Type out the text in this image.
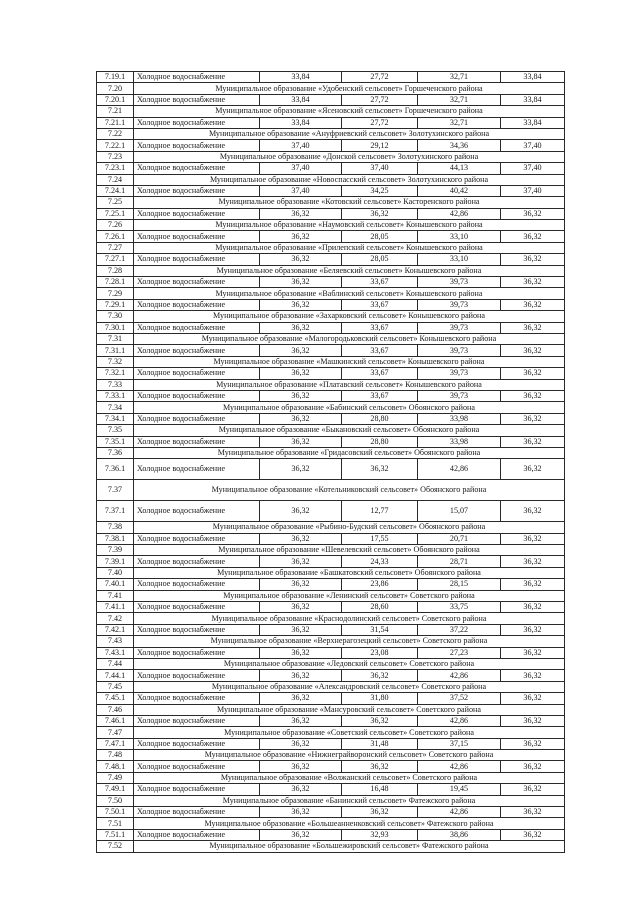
7.19.1	Холодное водоснабжение	33,84	27,72	32,71	33,84
7.20	Муниципальное образование «Удобенский сельсовет» Горшеченского района				
7.20.1	Холодное водоснабжение	33,84	27,72	32,71	33,84
7.21	Муниципальное образование «Ясеновский сельсовет» Горшеченского района				
7.21.1	Холодное водоснабжение	33,84	27,72	32,71	33,84
7.22	Муниципальное образование «Ануфриевский сельсовет» Золотухинского района				
7.22.1	Холодное водоснабжение	37,40	29,12	34,36	37,40
7.23	Муниципальное образование «Донской сельсовет» Золотухинского района				
7.23.1	Холодное водоснабжение	37,40	37,40	44,13	37,40
7.24	Муниципальное образование «Новоспасский сельсовет» Золотухинского района				
7.24.1	Холодное водоснабжение	37,40	34,25	40,42	37,40
7.25	Муниципальное образование «Котовский сельсовет» Касторенского района				
7.25.1	Холодное водоснабжение	36,32	36,32	42,86	36,32
7.26	Муниципальное образование «Наумовский сельсовет» Конышевского района				
7.26.1	Холодное водоснабжение	36,32	28,05	33,10	36,32
7.27	Муниципальное образование «Прилепский сельсовет» Конышевского района				
7.27.1	Холодное водоснабжение	36,32	28,05	33,10	36,32
7.28	Муниципальное образование «Беляевский сельсовет» Конышевского района				
7.28.1	Холодное водоснабжение	36,32	33,67	39,73	36,32
7.29	Муниципальное образование «Ваблинский сельсовет» Конышевского района				
7.29.1	Холодное водоснабжение	36,32	33,67	39,73	36,32
7.30	Муниципальное образование «Захарковский сельсовет» Конышевского района				
7.30.1	Холодное водоснабжение	36,32	33,67	39,73	36,32
7.31	Муниципальное образование «Малогородьковский сельсовет» Конышевского района				
7.31.1	Холодное водоснабжение	36,32	33,67	39,73	36,32
7.32	Муниципальное образование «Машкинский сельсовет» Конышевского района				
7.32.1	Холодное водоснабжение	36,32	33,67	39,73	36,32
7.33	Муниципальное образование «Платавский сельсовет» Конышевского района				
7.33.1	Холодное водоснабжение	36,32	33,67	39,73	36,32
7.34	Муниципальное образование «Бабинский сельсовет» Обоянского района				
7.34.1	Холодное водоснабжение	36,32	28,80	33,98	36,32
7.35	Муниципальное образование «Быкановский сельсовет» Обоянского района				
7.35.1	Холодное водоснабжение	36,32	28,80	33,98	36,32
7.36	Муниципальное образование «Гридасовский сельсовет» Обоянского района				
7.36.1	Холодное водоснабжение	36,32	36,32	42,86	36,32
7.37	Муниципальное образование «Котельниковский сельсовет» Обоянского района				
7.37.1	Холодное водоснабжение	36,32	12,77	15,07	36,32
7.38	Муниципальное образование «Рыбино-Будский сельсовет» Обоянского района				
7.38.1	Холодное водоснабжение	36,32	17,55	20,71	36,32
7.39	Муниципальное образование «Шевелевский сельсовет» Обоянского района				
7.39.1	Холодное водоснабжение	36,32	24,33	28,71	36,32
7.40	Муниципальное образование «Башкатовский сельсовет» Обоянского района				
7.40.1	Холодное водоснабжение	36,32	23,86	28,15	36,32
7.41	Муниципальное образование «Ленинский сельсовет» Советского района				
7.41.1	Холодное водоснабжение	36,32	28,60	33,75	36,32
7.42	Муниципальное образование «Краснодолинский сельсовет» Советского района				
7.42.1	Холодное водоснабжение	36,32	31,54	37,22	36,32
7.43	Муниципальное образование «Верхнерагозецкий сельсовет» Советского района				
7.43.1	Холодное водоснабжение	36,32	23,08	27,23	36,32
7.44	Муниципальное образование «Ледовский сельсовет» Советского района				
7.44.1	Холодное водоснабжение	36,32	36,32	42,86	36,32
7.45	Муниципальное образование «Александровский сельсовет» Советского района				
7.45.1	Холодное водоснабжение	36,32	31,80	37,52	36,32
7.46	Муниципальное образование «Мансуровский сельсовет» Советского района				
7.46.1	Холодное водоснабжение	36,32	36,32	42,86	36,32
7.47	Муниципальное образование «Советский сельсовет» Советского района				
7.47.1	Холодное водоснабжение	36,32	31,48	37,15	36,32
7.48	Муниципальное образование «Нижнеграйворонский сельсовет» Советского района				
7.48.1	Холодное водоснабжение	36,32	36,32	42,86	36,32
7.49	Муниципальное образование «Волжанский сельсовет» Советского района				
7.49.1	Холодное водоснабжение	36,32	16,48	19,45	36,32
7.50	Муниципальное образование «Банинский сельсовет» Фатежского района				
7.50.1	Холодное водоснабжение	36,32	36,32	42,86	36,32
7.51	Муниципальное образование «Большеанненковский сельсовет» Фатежского района				
7.51.1	Холодное водоснабжение	36,32	32,93	38,86	36,32
7.52	Муниципальное образование «Большежировский сельсовет» Фатежского района				
